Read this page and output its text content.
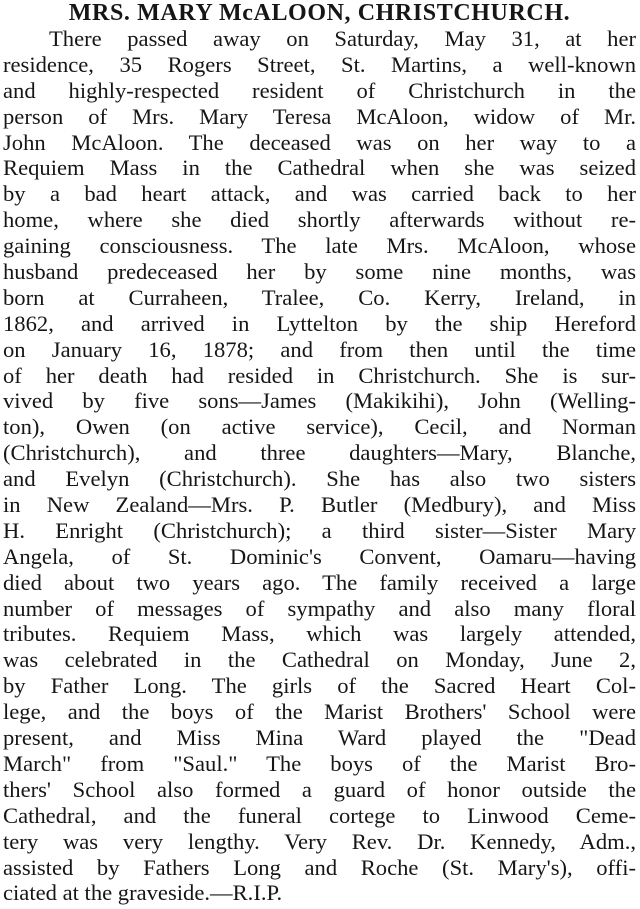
MRS. MARY McALOON, CHRISTCHURCH.
There passed away on Saturday, May 31, at her
residence, 35 Rogers Street, St. Martins, a well-known
and highly-respected resident of Christchurch in the
person of Mrs. Mary Teresa McAloon, widow of Mr.
John McAloon. The deceased was on her way to a
Requiem Mass in the Cathedral when she was seized
by a bad heart attack, and was carried back to her
home, where she died shortly afterwards without re-
gaining consciousness. The late Mrs. McAloon, whose
husband predeceased her by some nine months, was
born at Curraheen, Tralee, Co. Kerry, Ireland, in
1862, and arrived in Lyttelton by the ship Hereford
on January 16, 1878; and from then until the time
of her death had resided in Christchurch. She is sur-
vived by five sons—James (Makikihi), John (Welling-
ton), Owen (on active service), Cecil, and Norman
(Christchurch), and three daughters—Mary, Blanche,
and Evelyn (Christchurch). She has also two sisters
in New Zealand—Mrs. P. Butler (Medbury), and Miss
H. Enright (Christchurch); a third sister—Sister Mary
Angela, of St. Dominic's Convent, Oamaru—having
died about two years ago. The family received a large
number of messages of sympathy and also many floral
tributes. Requiem Mass, which was largely attended,
was celebrated in the Cathedral on Monday, June 2,
by Father Long. The girls of the Sacred Heart Col-
lege, and the boys of the Marist Brothers' School were
present, and Miss Mina Ward played the "Dead
March" from "Saul." The boys of the Marist Bro-
thers' School also formed a guard of honor outside the
Cathedral, and the funeral cortege to Linwood Ceme-
tery was very lengthy. Very Rev. Dr. Kennedy, Adm.,
assisted by Fathers Long and Roche (St. Mary's), offi-
ciated at the graveside.—R.I.P.
